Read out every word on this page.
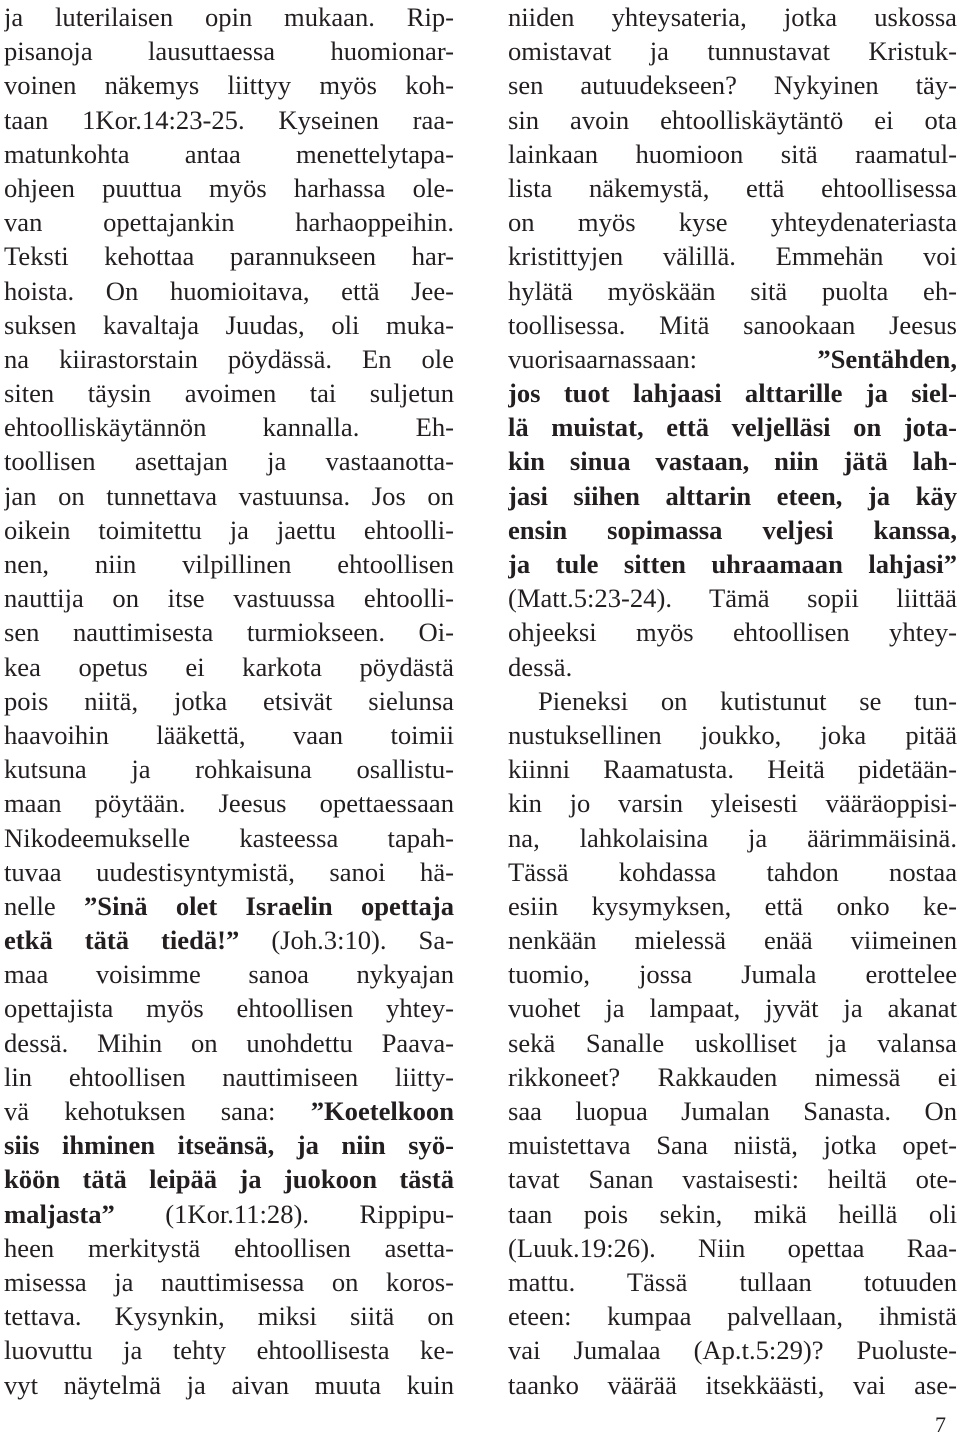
ja luterilaisen opin mukaan. Rip-
pisanoja lausuttaessa huomionar-
voinen näkemys liittyy myös koh-
taan 1Kor.14:23-25. Kyseinen raa-
matunkohta antaa menettelytapa-
ohjeen puuttua myös harhassa ole-
van opettajankin harhaoppeihin.
Teksti kehottaa parannukseen har-
hoista. On huomioitava, että Jee-
suksen kavaltaja Juudas, oli muka-
na kiirastorstain pöydässä. En ole
siten täysin avoimen tai suljetun
ehtoolliskäytännön kannalla. Eh-
toollisen asettajan ja vastaanotta-
jan on tunnettava vastuunsa. Jos on
oikein toimitettu ja jaettu ehtoolli-
nen, niin vilpillinen ehtoollisen
nauttija on itse vastuussa ehtoolli-
sen nauttimisesta turmiokseen. Oi-
kea opetus ei karkota pöydästä
pois niitä, jotka etsivät sielunsa
haavoihin lääkettä, vaan toimii
kutsuna ja rohkaisuna osallistu-
maan pöytään. Jeesus opettaessaan
Nikodeemukselle kasteessa tapah-
tuvaa uudestisyntymistä, sanoi hä-
nelle ”Sinä olet Israelin opettaja
etkä tätä tiedä!” (Joh.3:10). Sa-
maa voisimme sanoa nykyajan
opettajista myös ehtoollisen yhtey-
dessä. Mihin on unohdettu Paava-
lin ehtoollisen nauttimiseen liitty-
vä kehotuksen sana: ”Koetelkoon
siis ihminen itseänsä, ja niin syö-
köön tätä leipää ja juokoon tästä
maljasta” (1Kor.11:28). Rippipu-
heen merkitystä ehtoollisen asetta-
misessa ja nauttimisessa on koros-
tettava. Kysynkin, miksi siitä on
luovuttu ja tehty ehtoollisesta ke-
vyt näytelmä ja aivan muuta kuin
niiden yhteysateria, jotka uskossa
omistavat ja tunnustavat Kristuk-
sen autuudekseen? Nykyinen täy-
sin avoin ehtoolliskäytäntö ei ota
lainkaan huomioon sitä raamatul-
lista näkemystä, että ehtoollisessa
on myös kyse yhteydenateriasta
kristittyjen välillä. Emmehän voi
hylätä myöskään sitä puolta eh-
toollisessa. Mitä sanookaan Jeesus
vuorisaarnassaan: ”Sentähden,
jos tuot lahjaasi alttarille ja siel-
lä muistat, että veljelläsi on jota-
kin sinua vastaan, niin jätä lah-
jasi siihen alttarin eteen, ja käy
ensin sopimassa veljesi kanssa,
ja tule sitten uhraamaan lahjasi”
(Matt.5:23-24). Tämä sopii liittää
ohjeeksi myös ehtoollisen yhtey-
dessä.
Pieneksi on kutistunut se tun-
nustuksellinen joukko, joka pitää
kiinni Raamatusta. Heitä pidetään-
kin jo varsin yleisesti vääräoppisi-
na, lahkolaisina ja äärimmäisinä.
Tässä kohdassa tahdon nostaa
esiin kysymyksen, että onko ke-
nenkään mielessä enää viimeinen
tuomio, jossa Jumala erottelee
vuohet ja lampaat, jyvät ja akanat
sekä Sanalle uskolliset ja valansa
rikkoneet? Rakkauden nimessä ei
saa luopua Jumalan Sanasta. On
muistettava Sana niistä, jotka opet-
tavat Sanan vastaisesti: heiltä ote-
taan pois sekin, mikä heillä oli
(Luuk.19:26). Niin opettaa Raa-
mattu. Tässä tullaan totuuden
eteen: kumpaa palvellaan, ihmistä
vai Jumalaa (Ap.t.5:29)? Puoluste-
taanko väärää itsekkäästi, vai ase-
7
